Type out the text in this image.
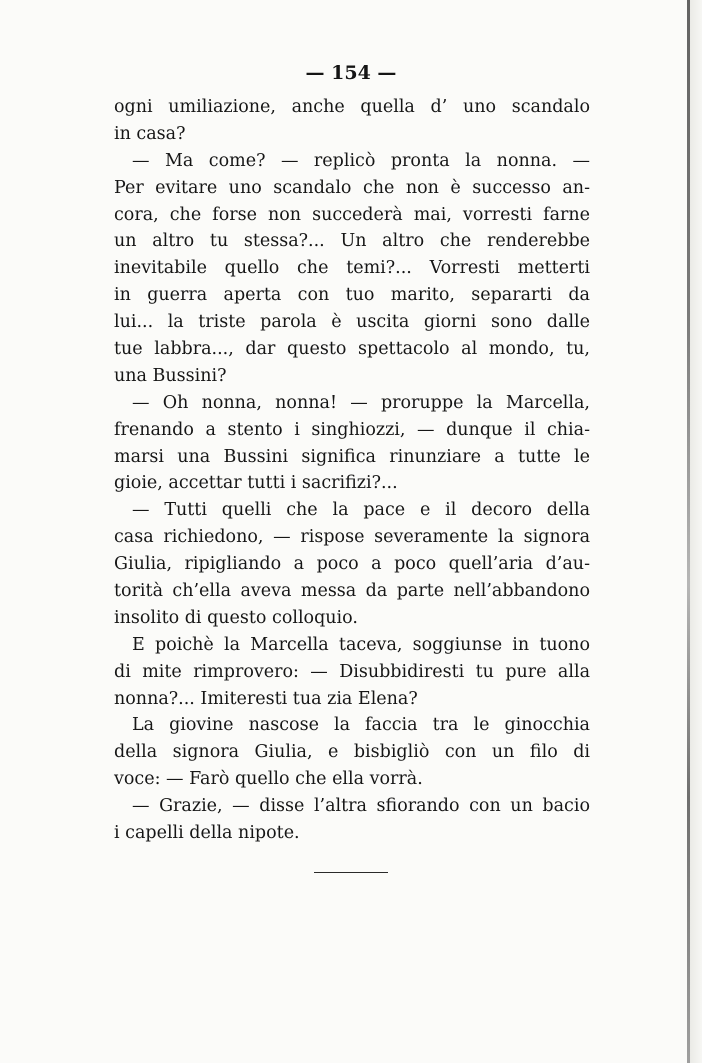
— 154 —
ogni umiliazione, anche quella d’ uno scandalo
in casa?
— Ma come? — replicò pronta la nonna. —
Per evitare uno scandalo che non è successo an-
cora, che forse non succederà mai, vorresti farne
un altro tu stessa?... Un altro che renderebbe
inevitabile quello che temi?... Vorresti metterti
in guerra aperta con tuo marito, separarti da
lui... la triste parola è uscita giorni sono dalle
tue labbra..., dar questo spettacolo al mondo, tu,
una Bussini?
— Oh nonna, nonna! — proruppe la Marcella,
frenando a stento i singhiozzi, — dunque il chia-
marsi una Bussini significa rinunziare a tutte le
gioie, accettar tutti i sacrifizi?...
— Tutti quelli che la pace e il decoro della
casa richiedono, — rispose severamente la signora
Giulia, ripigliando a poco a poco quell’aria d’au-
torità ch’ella aveva messa da parte nell’abbandono
insolito di questo colloquio.
E poichè la Marcella taceva, soggiunse in tuono
di mite rimprovero: — Disubbidiresti tu pure alla
nonna?... Imiteresti tua zia Elena?
La giovine nascose la faccia tra le ginocchia
della signora Giulia, e bisbigliò con un filo di
voce: — Farò quello che ella vorrà.
— Grazie, — disse l’altra sfiorando con un bacio
i capelli della nipote.
